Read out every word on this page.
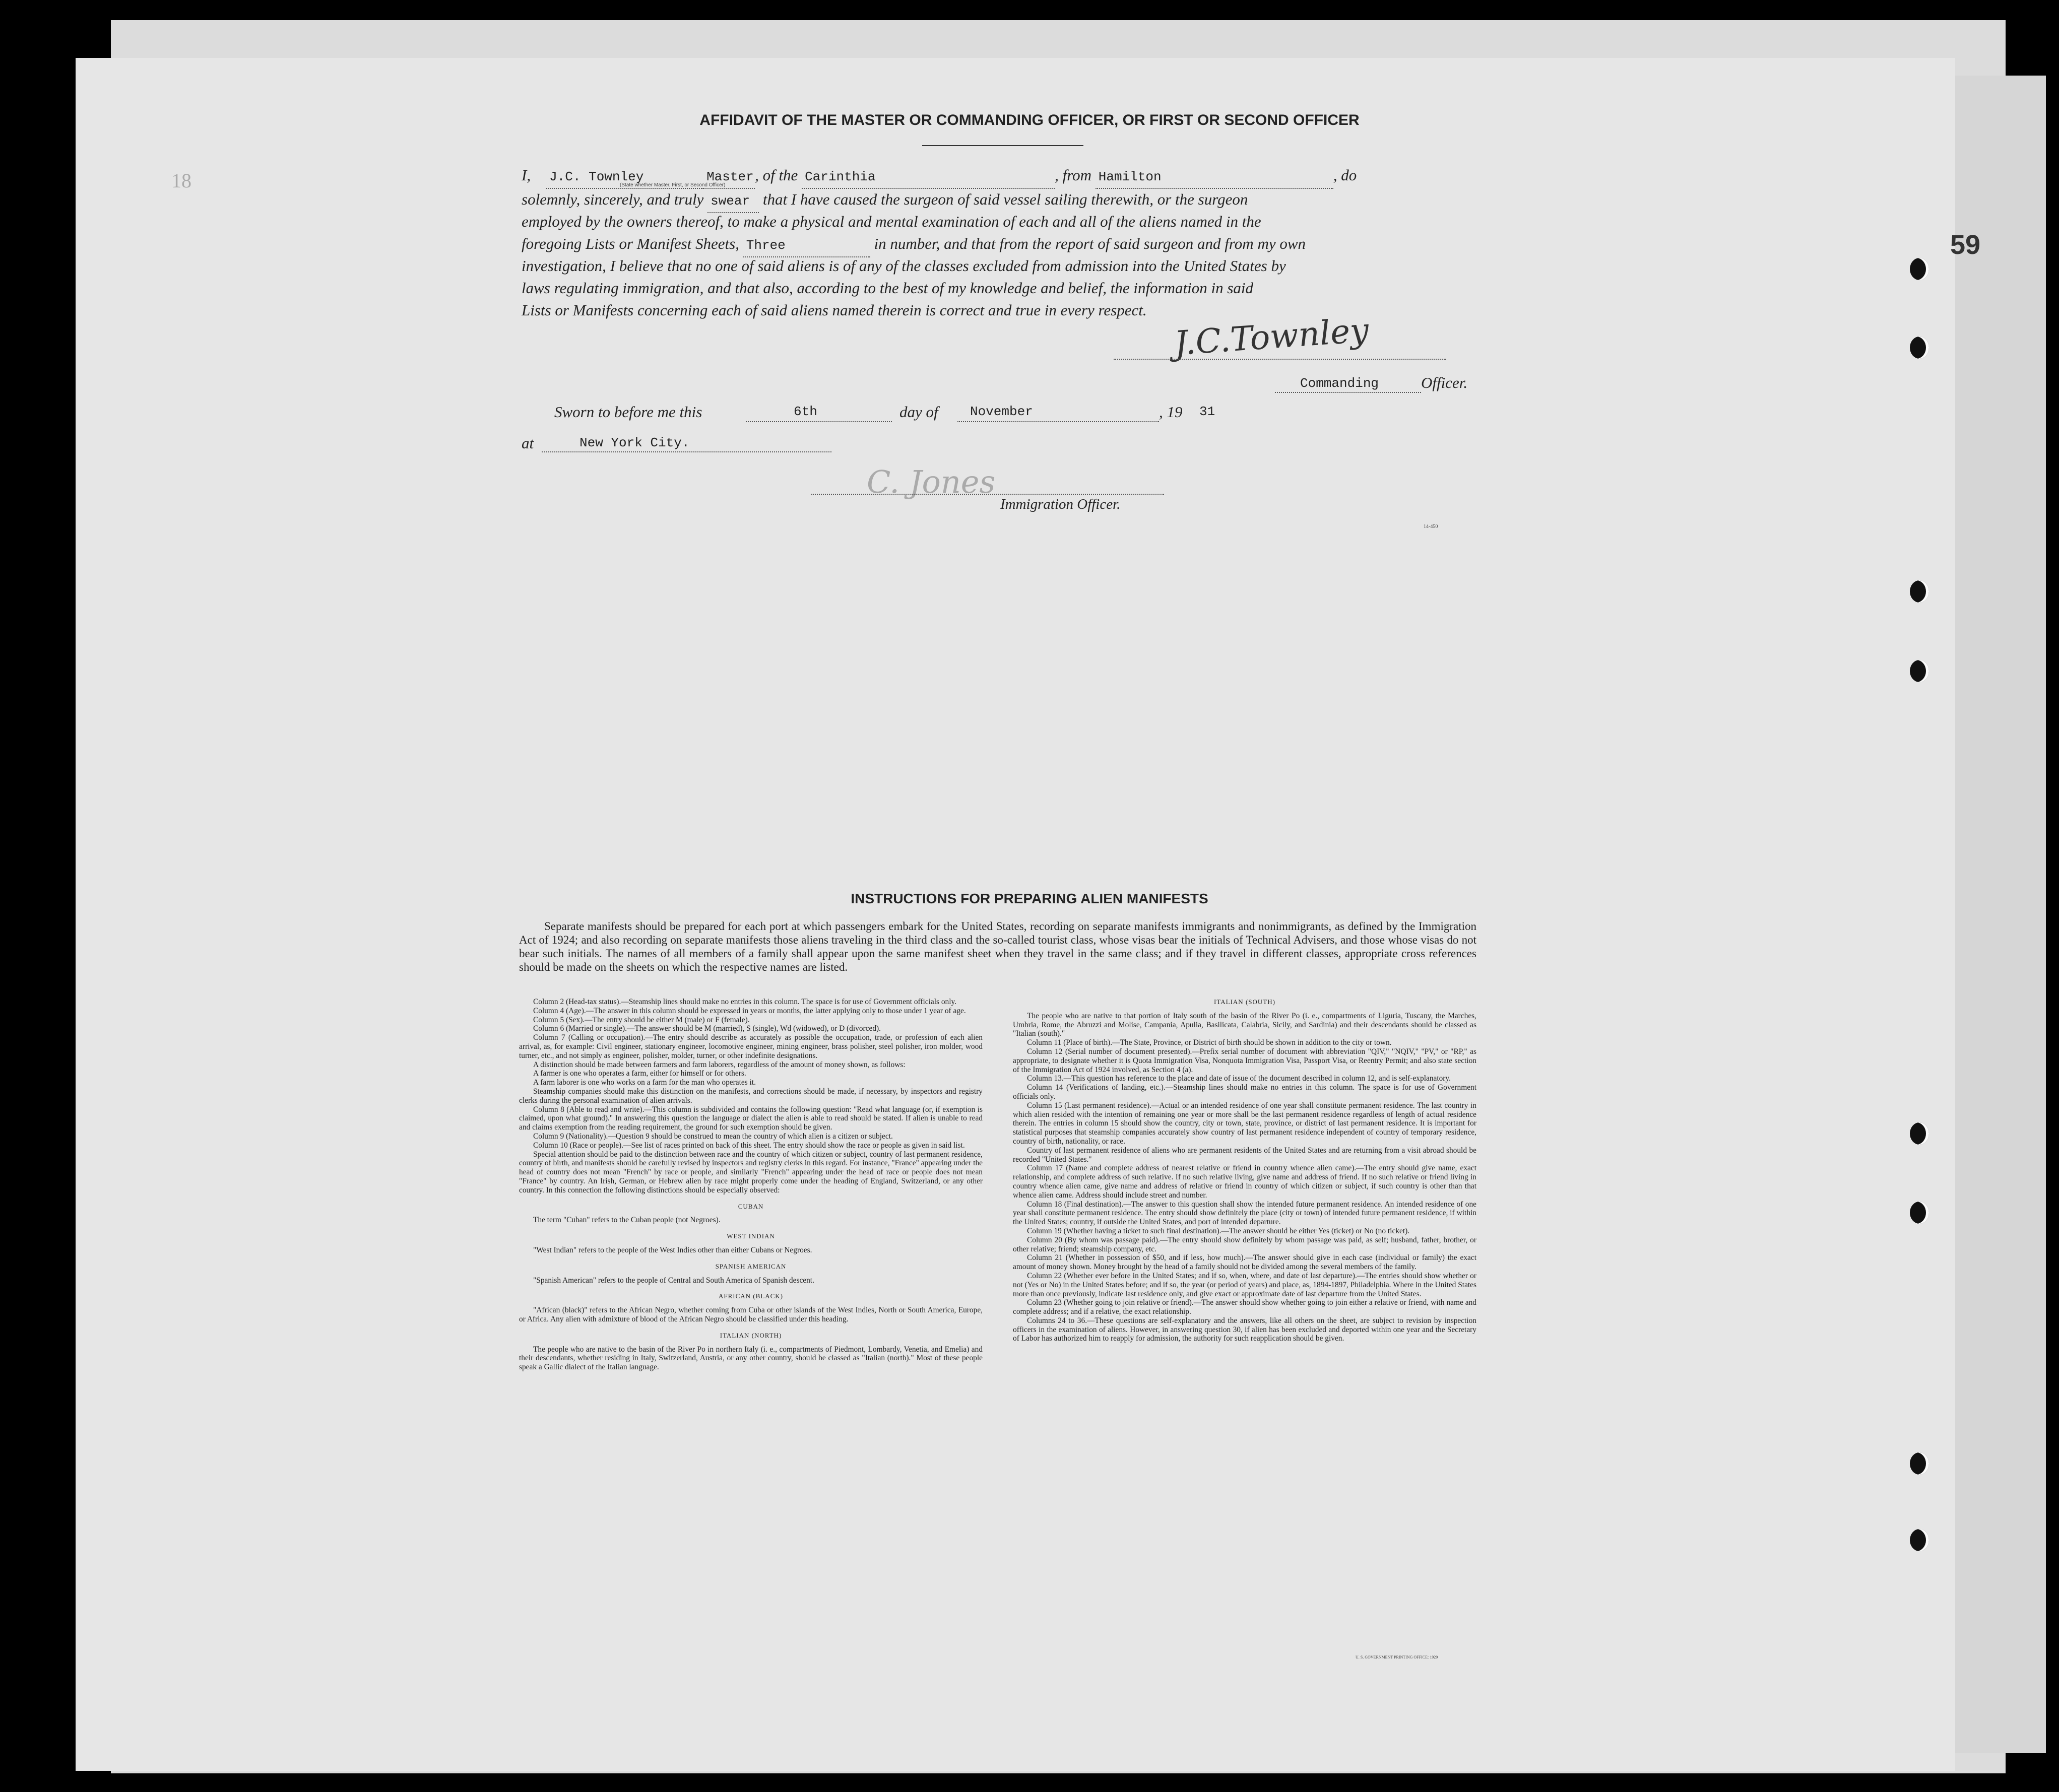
18
59
AFFIDAVIT OF THE MASTER OR COMMANDING OFFICER, OR FIRST OR SECOND OFFICER
I, J.C. Townley	Master, of the Carinthia	, from Hamilton	, do
(State whether Master, First, or Second Officer)
solemnly, sincerely, and truly swear that I have caused the surgeon of said vessel sailing therewith, or the surgeon
employed by the owners thereof, to make a physical and mental examination of each and all of the aliens named in the
foregoing Lists or Manifest Sheets, Three	in number, and that from the report of said surgeon and from my own
investigation, I believe that no one of said aliens is of any of the classes excluded from admission into the United States by
laws regulating immigration, and that also, according to the best of my knowledge and belief, the information in said
Lists or Manifests concerning each of said aliens named therein is correct and true in every respect.
J.C.Townley
Commanding	Officer.
Sworn to before me this	6th	day of November	, 19 31
at	New York City.
C. Jones
Immigration Officer.
14-450
INSTRUCTIONS FOR PREPARING ALIEN MANIFESTS

Separate manifests should be prepared for each port at which passengers embark for the United States, recording on separate manifests immigrants and nonimmigrants, as defined by the Immigration Act of 1924; and also recording on separate manifests those aliens traveling in the third class and the so-called tourist class, whose visas bear the initials of Technical Advisers, and those whose visas do not bear such initials. The names of all members of a family shall appear upon the same manifest sheet when they travel in the same class; and if they travel in different classes, appropriate cross references should be made on the sheets on which the respective names are listed.

Column 2 (Head-tax status).—Steamship lines should make no entries in this column. The space is for use of Government officials only.

Column 4 (Age).—The answer in this column should be expressed in years or months, the latter applying only to those under 1 year of age.

Column 5 (Sex).—The entry should be either M (male) or F (female).

Column 6 (Married or single).—The answer should be M (married), S (single), Wd (widowed), or D (divorced).

Column 7 (Calling or occupation).—The entry should describe as accurately as possible the occupation, trade, or profession of each alien arrival, as, for example: Civil engineer, stationary engineer, locomotive engineer, mining engineer, brass polisher, steel polisher, iron molder, wood turner, etc., and not simply as engineer, polisher, molder, turner, or other indefinite designations.

A distinction should be made between farmers and farm laborers, regardless of the amount of money shown, as follows:

A farmer is one who operates a farm, either for himself or for others.

A farm laborer is one who works on a farm for the man who operates it.

Steamship companies should make this distinction on the manifests, and corrections should be made, if necessary, by inspectors and registry clerks during the personal examination of alien arrivals.

Column 8 (Able to read and write).—This column is subdivided and contains the following question: "Read what language (or, if exemption is claimed, upon what ground)." In answering this question the language or dialect the alien is able to read should be stated. If alien is unable to read and claims exemption from the reading requirement, the ground for such exemption should be given.

Column 9 (Nationality).—Question 9 should be construed to mean the country of which alien is a citizen or subject.

Column 10 (Race or people).—See list of races printed on back of this sheet. The entry should show the race or people as given in said list.

Special attention should be paid to the distinction between race and the country of which citizen or subject, country of last permanent residence, country of birth, and manifests should be carefully revised by inspectors and registry clerks in this regard. For instance, "France" appearing under the head of country does not mean "French" by race or people, and similarly "French" appearing under the head of race or people does not mean "France" by country. An Irish, German, or Hebrew alien by race might properly come under the heading of England, Switzerland, or any other country. In this connection the following distinctions should be especially observed:

CUBAN

The term "Cuban" refers to the Cuban people (not Negroes).

WEST INDIAN

"West Indian" refers to the people of the West Indies other than either Cubans or Negroes.

SPANISH AMERICAN

"Spanish American" refers to the people of Central and South America of Spanish descent.

AFRICAN (BLACK)

"African (black)" refers to the African Negro, whether coming from Cuba or other islands of the West Indies, North or South America, Europe, or Africa. Any alien with admixture of blood of the African Negro should be classified under this heading.

ITALIAN (NORTH)

The people who are native to the basin of the River Po in northern Italy (i. e., compartments of Piedmont, Lombardy, Venetia, and Emelia) and their descendants, whether residing in Italy, Switzerland, Austria, or any other country, should be classed as "Italian (north)." Most of these people speak a Gallic dialect of the Italian language.

ITALIAN (SOUTH)

The people who are native to that portion of Italy south of the basin of the River Po (i. e., compartments of Liguria, Tuscany, the Marches, Umbria, Rome, the Abruzzi and Molise, Campania, Apulia, Basilicata, Calabria, Sicily, and Sardinia) and their descendants should be classed as "Italian (south)."

Column 11 (Place of birth).—The State, Province, or District of birth should be shown in addition to the city or town.

Column 12 (Serial number of document presented).—Prefix serial number of document with abbreviation "QIV," "NQIV," "PV," or "RP," as appropriate, to designate whether it is Quota Immigration Visa, Nonquota Immigration Visa, Passport Visa, or Reentry Permit; and also state section of the Immigration Act of 1924 involved, as Section 4 (a).

Column 13.—This question has reference to the place and date of issue of the document described in column 12, and is self-explanatory.

Column 14 (Verifications of landing, etc.).—Steamship lines should make no entries in this column. The space is for use of Government officials only.

Column 15 (Last permanent residence).—Actual or an intended residence of one year shall constitute permanent residence. The last country in which alien resided with the intention of remaining one year or more shall be the last permanent residence regardless of length of actual residence therein. The entries in column 15 should show the country, city or town, state, province, or district of last permanent residence. It is important for statistical purposes that steamship companies accurately show country of last permanent residence independent of country of temporary residence, country of birth, nationality, or race.

Country of last permanent residence of aliens who are permanent residents of the United States and are returning from a visit abroad should be recorded "United States."

Column 17 (Name and complete address of nearest relative or friend in country whence alien came).—The entry should give name, exact relationship, and complete address of such relative. If no such relative living, give name and address of friend. If no such relative or friend living in country whence alien came, give name and address of relative or friend in country of which citizen or subject, if such country is other than that whence alien came. Address should include street and number.

Column 18 (Final destination).—The answer to this question shall show the intended future permanent residence. An intended residence of one year shall constitute permanent residence. The entry should show definitely the place (city or town) of intended future permanent residence, if within the United States; country, if outside the United States, and port of intended departure.

Column 19 (Whether having a ticket to such final destination).—The answer should be either Yes (ticket) or No (no ticket).

Column 20 (By whom was passage paid).—The entry should show definitely by whom passage was paid, as self; husband, father, brother, or other relative; friend; steamship company, etc.

Column 21 (Whether in possession of $50, and if less, how much).—The answer should give in each case (individual or family) the exact amount of money shown. Money brought by the head of a family should not be divided among the several members of the family.

Column 22 (Whether ever before in the United States; and if so, when, where, and date of last departure).—The entries should show whether or not (Yes or No) in the United States before; and if so, the year (or period of years) and place, as, 1894-1897, Philadelphia. Where in the United States more than once previously, indicate last residence only, and give exact or approximate date of last departure from the United States.

Column 23 (Whether going to join relative or friend).—The answer should show whether going to join either a relative or friend, with name and complete address; and if a relative, the exact relationship.

Columns 24 to 36.—These questions are self-explanatory and the answers, like all others on the sheet, are subject to revision by inspection officers in the examination of aliens. However, in answering question 30, if alien has been excluded and deported within one year and the Secretary of Labor has authorized him to reapply for admission, the authority for such reapplication should be given.

U. S. GOVERNMENT PRINTING OFFICE: 1929
